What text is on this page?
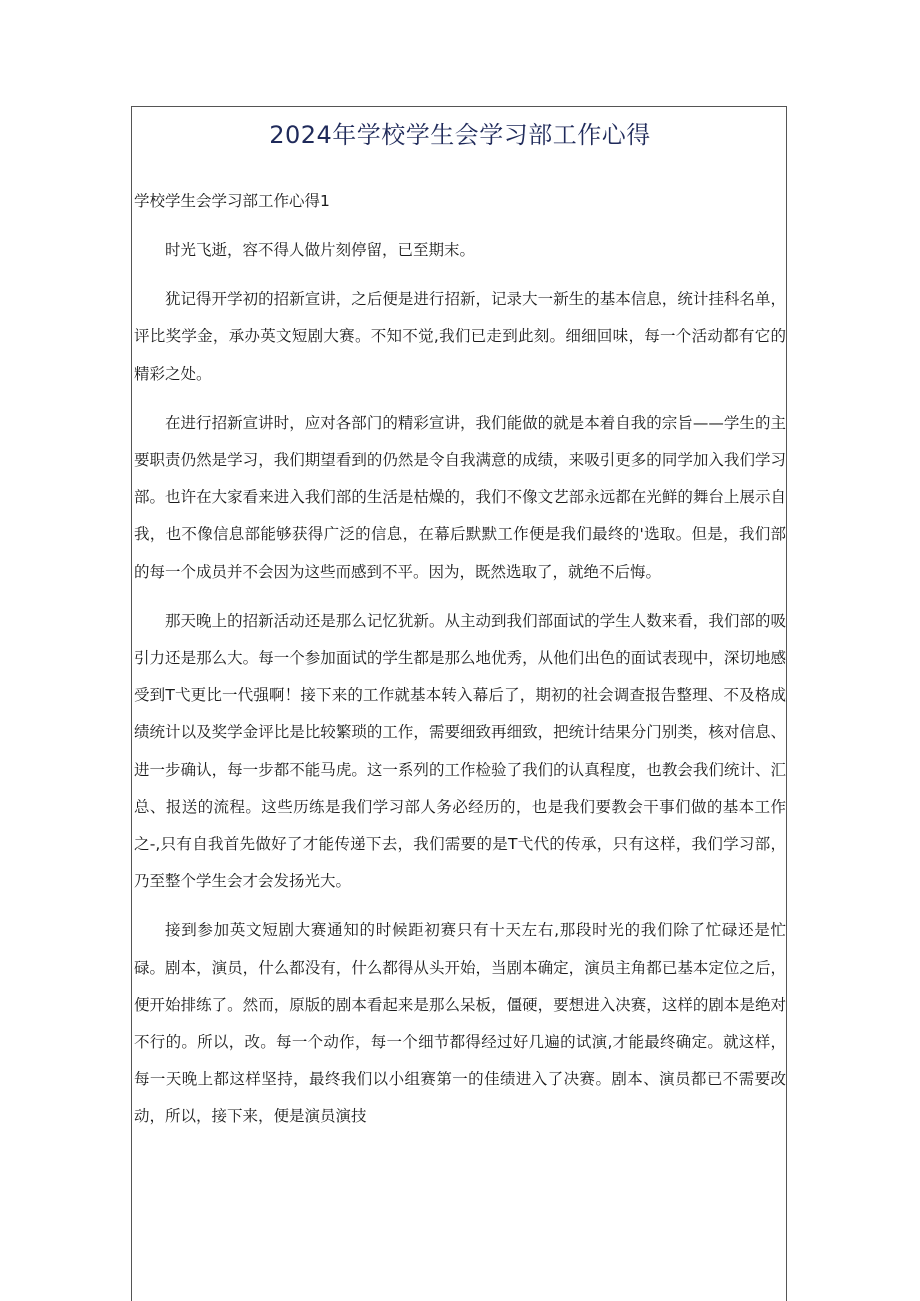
2024年学校学生会学习部工作心得
学校学生会学习部工作心得1

时光飞逝，容不得人做片刻停留，已至期末。

犹记得开学初的招新宣讲，之后便是进行招新，记录大一新生的基本信息，统计挂科名单，评比奖学金，承办英文短剧大赛。不知不觉,我们已走到此刻。细细回味，每一个活动都有它的精彩之处。

在进行招新宣讲时，应对各部门的精彩宣讲，我们能做的就是本着自我的宗旨——学生的主要职责仍然是学习，我们期望看到的仍然是令自我满意的成绩，来吸引更多的同学加入我们学习部。也许在大家看来进入我们部的生活是枯燥的，我们不像文艺部永远都在光鲜的舞台上展示自我，也不像信息部能够获得广泛的信息，在幕后默默工作便是我们最终的'选取。但是，我们部的每一个成员并不会因为这些而感到不平。因为，既然选取了，就绝不后悔。

那天晚上的招新活动还是那么记忆犹新。从主动到我们部面试的学生人数来看，我们部的吸引力还是那么大。每一个参加面试的学生都是那么地优秀，从他们出色的面试表现中，深切地感受到T弋更比一代强啊！接下来的工作就基本转入幕后了，期初的社会调查报告整理、不及格成绩统计以及奖学金评比是比较繁琐的工作，需要细致再细致，把统计结果分门别类，核对信息、进一步确认，每一步都不能马虎。这一系列的工作检验了我们的认真程度，也教会我们统计、汇总、报送的流程。这些历练是我们学习部人务必经历的，也是我们要教会干事们做的基本工作之-,只有自我首先做好了才能传递下去，我们需要的是T弋代的传承，只有这样，我们学习部，乃至整个学生会才会发扬光大。

接到参加英文短剧大赛通知的时候距初赛只有十天左右,那段时光的我们除了忙碌还是忙碌。剧本，演员，什么都没有，什么都得从头开始，当剧本确定，演员主角都已基本定位之后，便开始排练了。然而，原版的剧本看起来是那么呆板，僵硬，要想进入决赛，这样的剧本是绝对不行的。所以，改。每一个动作，每一个细节都得经过好几遍的试演,才能最终确定。就这样，每一天晚上都这样坚持，最终我们以小组赛第一的佳绩进入了决赛。剧本、演员都已不需要改动，所以，接下来，便是演员演技
